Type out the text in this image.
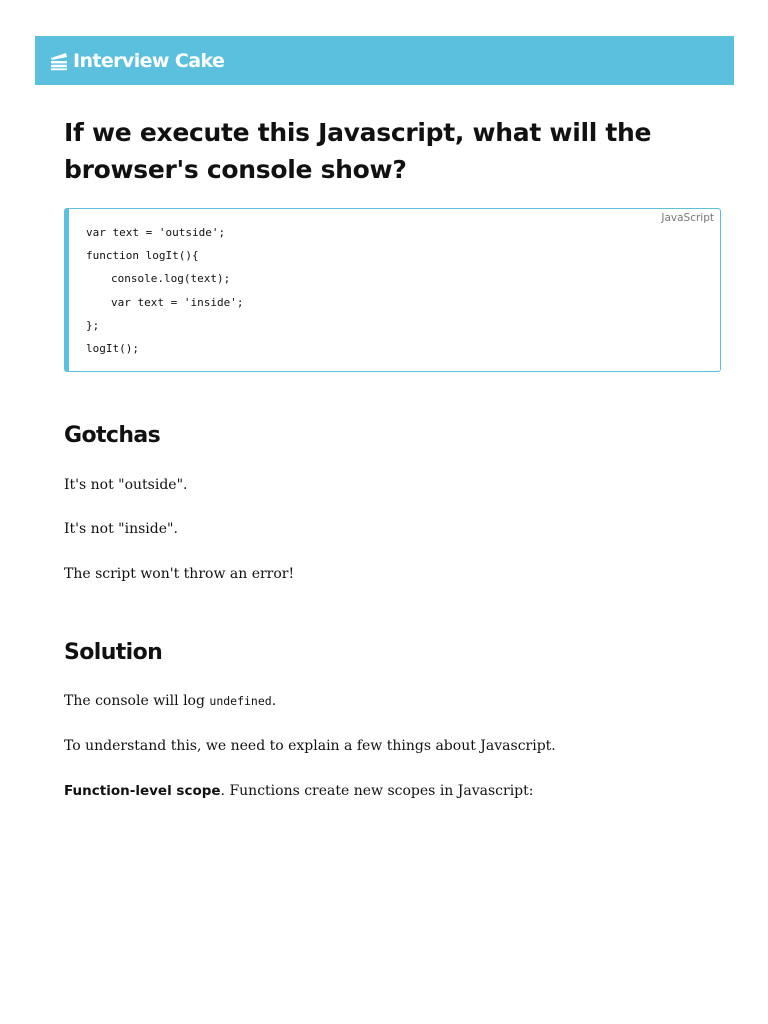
Interview Cake
If we execute this Javascript, what will the browser's console show?
JavaScript
var text = 'outside';
function logIt(){
console.log(text);
var text = 'inside';
};
logIt();
Gotchas

It's not "outside".

It's not "inside".

The script won't throw an error!

Solution

The console will log undefined.

To understand this, we need to explain a few things about Javascript.

Function-level scope. Functions create new scopes in Javascript:
